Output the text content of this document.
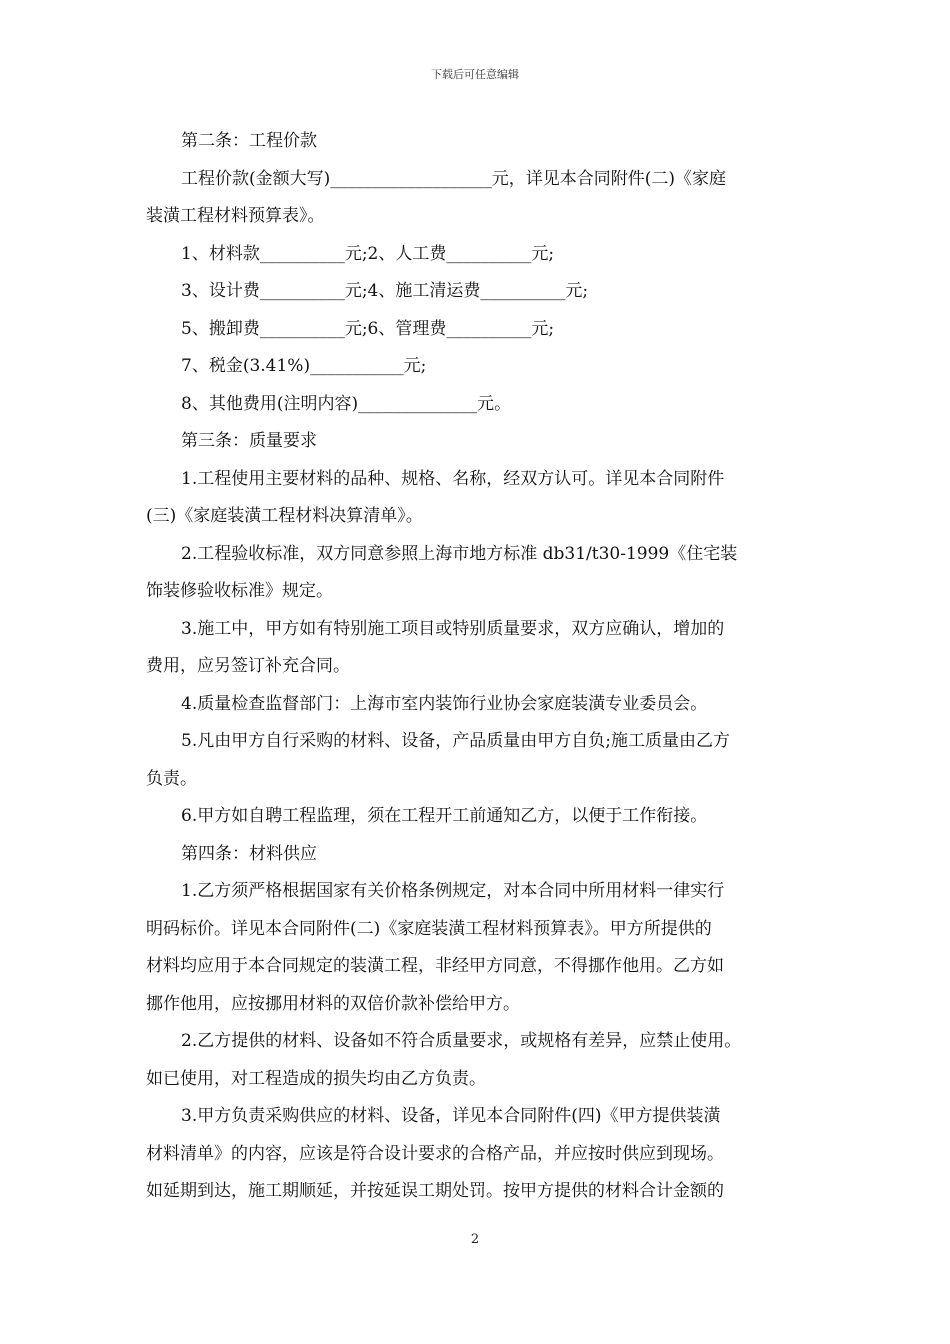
下载后可任意编辑
第二条：工程价款
工程价款(金额大写)___________________元，详见本合同附件(二)《家庭
装潢工程材料预算表》。
1、材料款__________元;2、人工费__________元;
3、设计费__________元;4、施工清运费__________元;
5、搬卸费__________元;6、管理费__________元;
7、税金(3.41%)___________元;
8、其他费用(注明内容)______________元。
第三条：质量要求
1.工程使用主要材料的品种、规格、名称，经双方认可。详见本合同附件
(三)《家庭装潢工程材料决算清单》。
2.工程验收标准，双方同意参照上海市地方标准 db31/t30-1999《住宅装
饰装修验收标准》规定。
3.施工中，甲方如有特别施工项目或特别质量要求，双方应确认，增加的
费用，应另签订补充合同。
4.质量检查监督部门：上海市室内装饰行业协会家庭装潢专业委员会。
5.凡由甲方自行采购的材料、设备，产品质量由甲方自负;施工质量由乙方
负责。
6.甲方如自聘工程监理，须在工程开工前通知乙方，以便于工作衔接。
第四条：材料供应
1.乙方须严格根据国家有关价格条例规定，对本合同中所用材料一律实行
明码标价。详见本合同附件(二)《家庭装潢工程材料预算表》。甲方所提供的
材料均应用于本合同规定的装潢工程，非经甲方同意，不得挪作他用。乙方如
挪作他用，应按挪用材料的双倍价款补偿给甲方。
2.乙方提供的材料、设备如不符合质量要求，或规格有差异，应禁止使用。
如已使用，对工程造成的损失均由乙方负责。
3.甲方负责采购供应的材料、设备，详见本合同附件(四)《甲方提供装潢
材料清单》的内容，应该是符合设计要求的合格产品，并应按时供应到现场。
如延期到达，施工期顺延，并按延误工期处罚。按甲方提供的材料合计金额的
2
